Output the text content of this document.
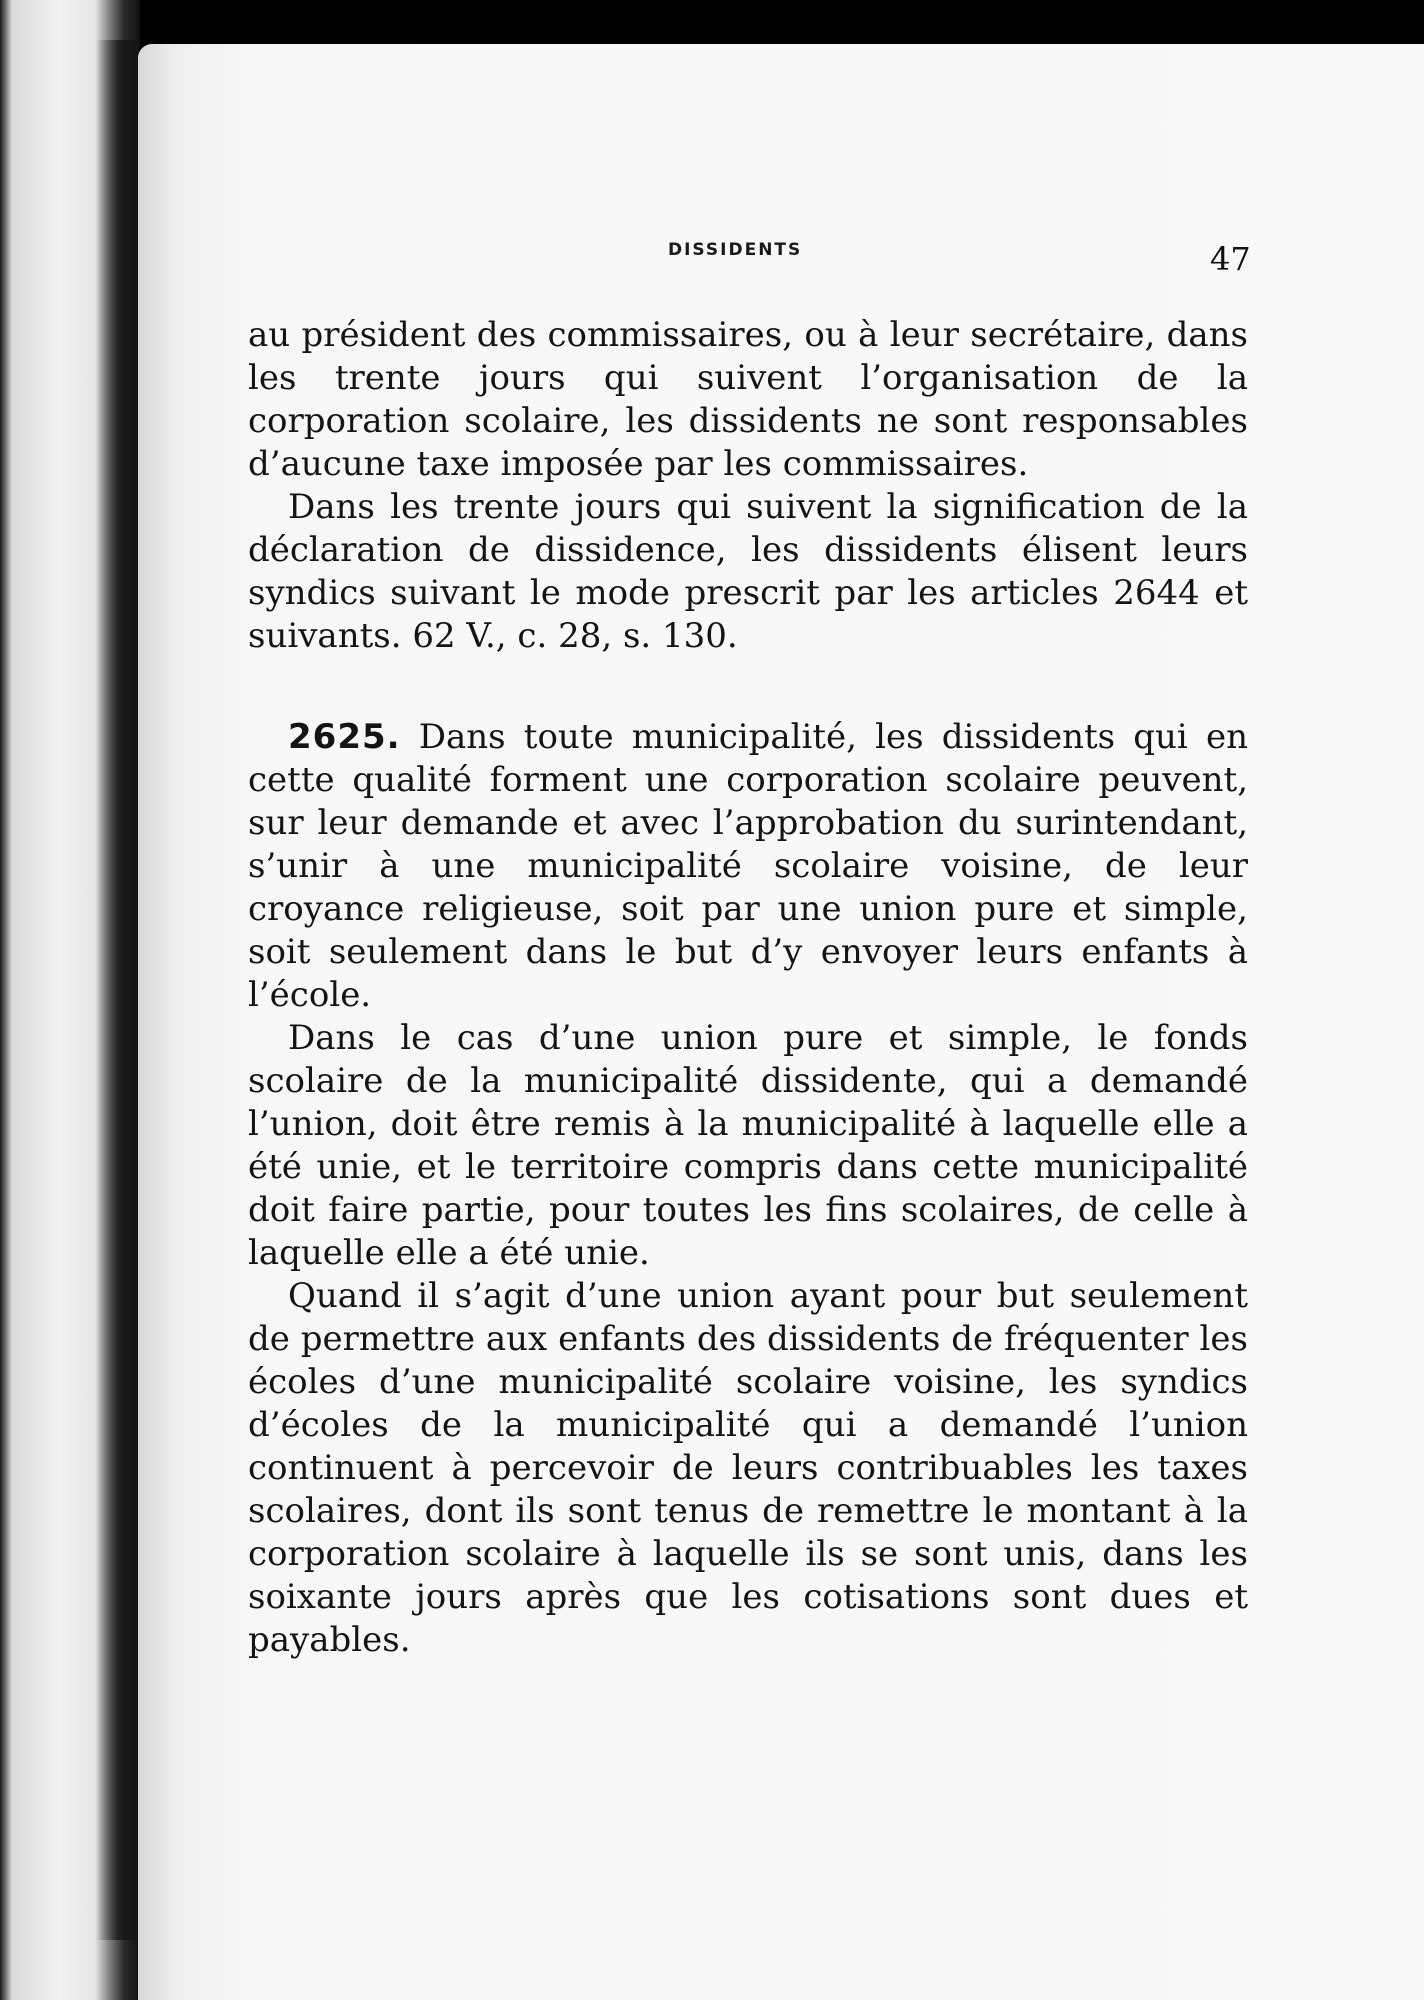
DISSIDENTS	47

au président des commissaires, ou à leur secrétaire, dans les trente jours qui suivent l’organisation de la corporation scolaire, les dissidents ne sont responsables d’aucune taxe imposée par les commissaires.

Dans les trente jours qui suivent la signification de la déclaration de dissidence, les dissidents élisent leurs syndics suivant le mode prescrit par les articles 2644 et suivants. 62 V., c. 28, s. 130.

2625. Dans toute municipalité, les dissidents qui en cette qualité forment une corporation scolaire peuvent, sur leur demande et avec l’approbation du surintendant, s’unir à une municipalité scolaire voisine, de leur croyance religieuse, soit par une union pure et simple, soit seulement dans le but d’y envoyer leurs enfants à l’école.

Dans le cas d’une union pure et simple, le fonds scolaire de la municipalité dissidente, qui a demandé l’union, doit être remis à la municipalité à laquelle elle a été unie, et le territoire compris dans cette municipalité doit faire partie, pour toutes les fins scolaires, de celle à laquelle elle a été unie.

Quand il s’agit d’une union ayant pour but seulement de permettre aux enfants des dissidents de fréquenter les écoles d’une municipalité scolaire voisine, les syndics d’écoles de la municipalité qui a demandé l’union continuent à percevoir de leurs contribuables les taxes scolaires, dont ils sont tenus de remettre le montant à la corporation scolaire à laquelle ils se sont unis, dans les soixante jours après que les cotisations sont dues et payables.
